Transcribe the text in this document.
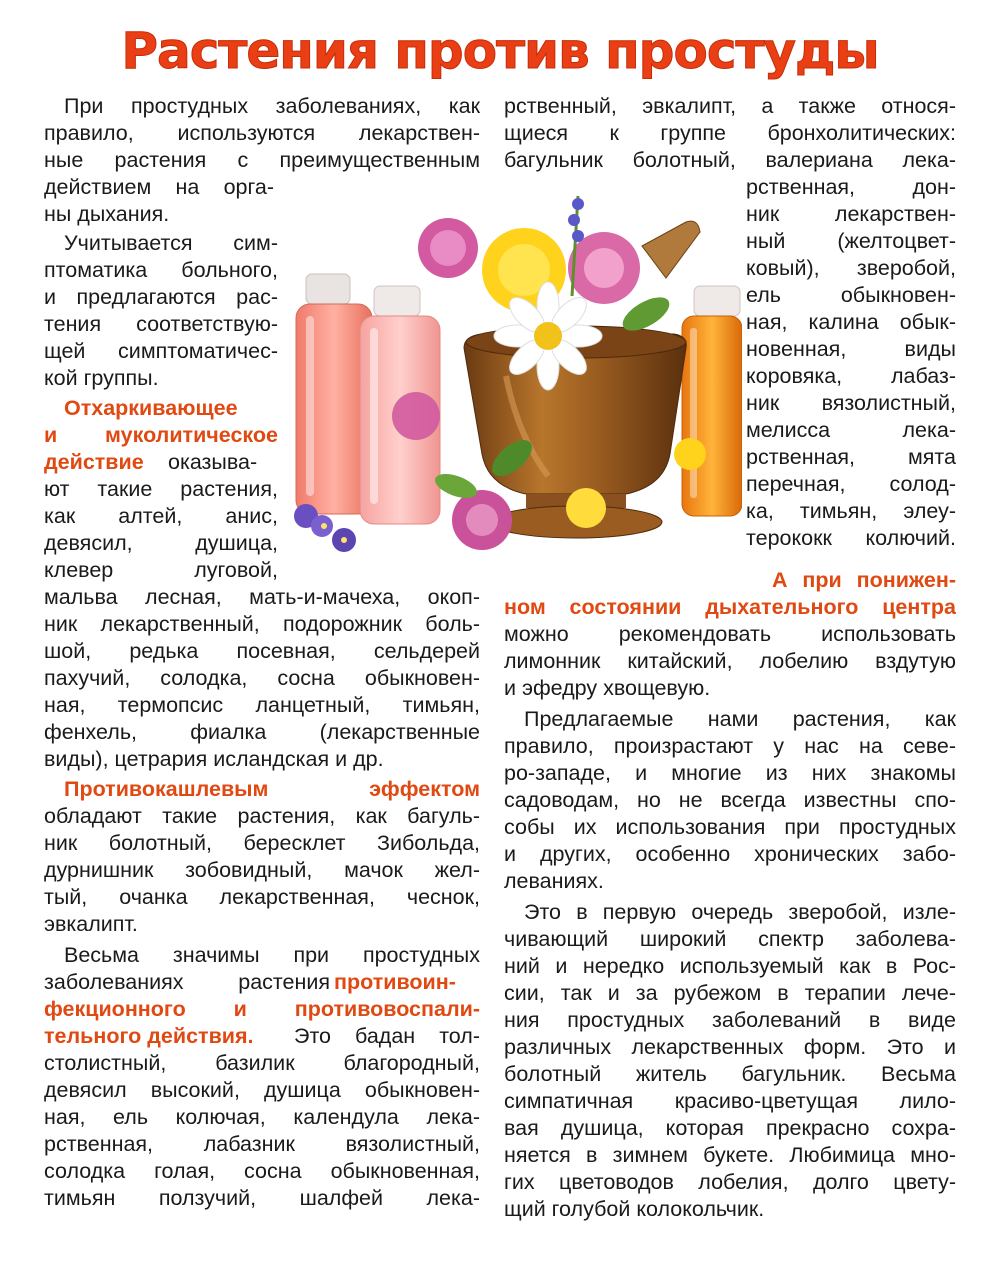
Растения против простуды
При простудных заболеваниях, как
правило, используются лекарствен-
ные растения с преимущественным
действием на орга-
ны дыхания.
Учитывается сим-
птоматика больного,
и предлагаются рас-
тения соответствую-
щей симптоматичес-
кой группы.
Отхаркивающее
и муколитическое
действие	оказыва-
ют такие растения,
как алтей, анис,
девясил, душица,
клевер луговой,
мальва лесная, мать-и-мачеха, окоп-
ник лекарственный, подорожник боль-
шой, редька посевная, сельдерей
пахучий, солодка, сосна обыкновен-
ная, термопсис ланцетный, тимьян,
фенхель, фиалка (лекарственные
виды), цетрария исландская и др.
Противокашлевым эффектом
обладают такие растения, как багуль-
ник болотный, бересклет Зибольда,
дурнишник зобовидный, мачок жел-
тый, очанка лекарственная, чеснок,
эвкалипт.
Весьма значимы при простудных
заболеваниях растения противоин-
фекционного и противовоспали-
тельного действия.	Это бадан тол-
столистный, базилик благородный,
девясил высокий, душица обыкновен-
ная, ель колючая, календула лека-
рственная, лабазник вязолистный,
солодка голая, сосна обыкновенная,
тимьян ползучий, шалфей лека-
рственный, эвкалипт, а также относя-
щиеся к группе бронхолитических:
багульник болотный, валериана лека-
рственная, дон-
ник лекарствен-
ный (желтоцвет-
ковый), зверобой,
ель обыкновен-
ная, калина обык-
новенная, виды
коровяка, лабаз-
ник вязолистный,
мелисса лека-
рственная, мята
перечная, солод-
ка, тимьян, элеу-
терококк колючий.
А при понижен-
ном состоянии дыхательного центра
можно рекомендовать использовать
лимонник китайский, лобелию вздутую
и эфедру хвощевую.
Предлагаемые нами растения, как
правило, произрастают у нас на севе-
ро-западе, и многие из них знакомы
садоводам, но не всегда известны спо-
собы их использования при простудных
и других, особенно хронических забо-
леваниях.
Это в первую очередь зверобой, изле-
чивающий широкий спектр заболева-
ний и нередко используемый как в Рос-
сии, так и за рубежом в терапии лече-
ния простудных заболеваний в виде
различных лекарственных форм. Это и
болотный житель багульник. Весьма
симпатичная красиво-цветущая лило-
вая душица, которая прекрасно сохра-
няется в зимнем букете. Любимица мно-
гих цветоводов лобелия, долго цвету-
щий голубой колокольчик.
